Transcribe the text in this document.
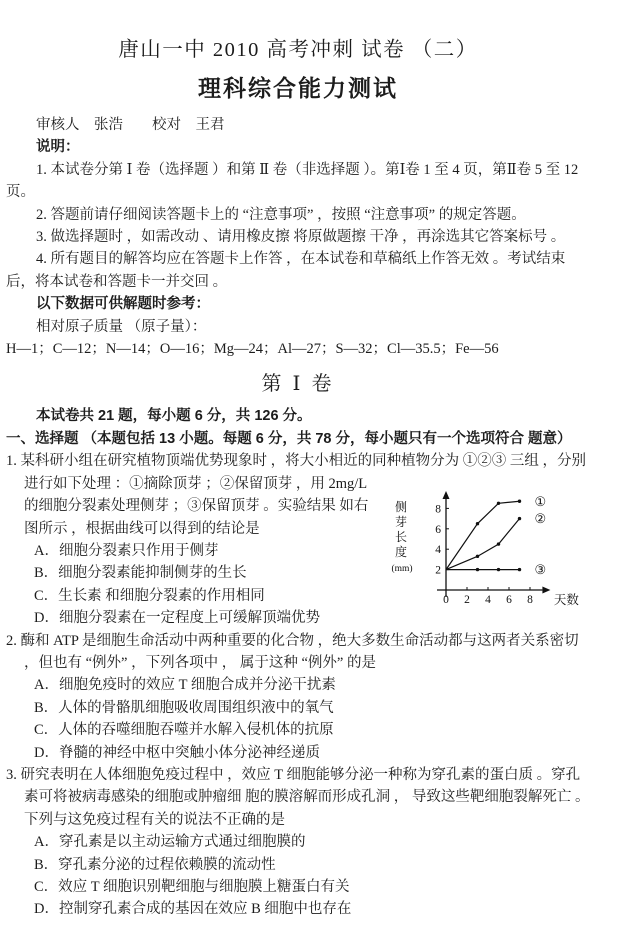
唐山一中 2010 高考冲刺 试卷 （二）
理科综合能力测试
审核人　张浩　　校对　王君
说明：

1. 本试卷分第 Ⅰ 卷（选择题 ）和第 Ⅱ 卷（非选择题 ）。第Ⅰ卷 1 至 4 页，第Ⅱ卷 5 至 12 页。

2. 答题前请仔细阅读答题卡上的 “注意事项” ，按照 “注意事项” 的规定答题。

3. 做选择题时 ，如需改动 、请用橡皮擦 将原做题擦 干净 ，再涂选其它答案标号 。

4. 所有题目的解答均应在答题卡上作答 ，在本试卷和草稿纸上作答无效 。考试结束 后，将本试卷和答题卡一并交回 。

以下数据可供解题时参考：
相对原子质量 （原子量）：
H—1；C—12；N—14；O—16；Mg—24；Al—27；S—32；Cl—35.5；Fe—56
第 Ⅰ 卷
本试卷共 21 题，每小题 6 分，共 126 分。
一、选择题 （本题包括 13 小题。每题 6 分，共 78 分，每小题只有一个选项符合 题意）
0 2 4 6 8
2
4
6
8
①
②
③
天数
侧
芽
长
度
(mm)

1. 某科研小组在研究植物顶端优势现象时 ，将大小相近的同种植物分为 ①②③ 三组 ，分别进行如下处理 ：①摘除顶芽 ；②保留顶芽 ，用 2mg/L

的细胞分裂素处理侧芽 ；③保留顶芽 。实验结果 如右图所示 ，根据曲线可以得到的结论是

A．细胞分裂素只作用于侧芽

B．细胞分裂素能抑制侧芽的生长

C．生长素 和细胞分裂素的作用相同

D．细胞分裂素在一定程度上可缓解顶端优势

2. 酶和 ATP 是细胞生命活动中两种重要的化合物 ，绝大多数生命活动都与这两者关系密切 ，但也有 “例外” ，下列各项中 ， 属于这种 “例外” 的是

A．细胞免疫时的效应 T 细胞合成并分泌干扰素

B．人体的骨骼肌细胞吸收周围组织液中的氧气

C．人体的吞噬细胞吞噬并水解入侵机体的抗原

D．脊髓的神经中枢中突触小体分泌神经递质

3. 研究表明在人体细胞免疫过程中 ，效应 T 细胞能够分泌一种称为穿孔素的蛋白质 。穿孔素可将被病毒感染的细胞或肿瘤细 胞的膜溶解而形成孔洞 ， 导致这些靶细胞裂解死亡 。下列与这免疫过程有关的说法不正确的是

A．穿孔素是以主动运输方式通过细胞膜的

B．穿孔素分泌的过程依赖膜的流动性

C．效应 T 细胞识别靶细胞与细胞膜上糖蛋白有关

D．控制穿孔素合成的基因在效应 B 细胞中也存在
